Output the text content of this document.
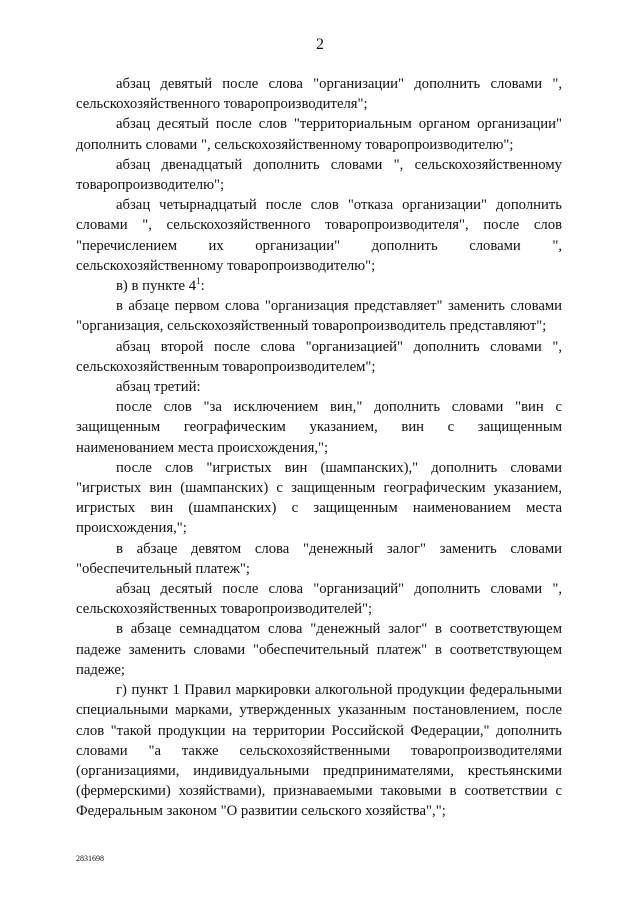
2

абзац девятый после слова "организации" дополнить словами ", сельскохозяйственного товаропроизводителя";

абзац десятый после слов "территориальным органом организации" дополнить словами ", сельскохозяйственному товаропроизводителю";

абзац двенадцатый дополнить словами ", сельскохозяйственному товаропроизводителю";

абзац четырнадцатый после слов "отказа организации" дополнить словами ", сельскохозяйственного товаропроизводителя", после слов "перечислением их организации" дополнить словами ", сельскохозяйственному товаропроизводителю";

в) в пункте $4^1$:

в абзаце первом слова "организация представляет" заменить словами "организация, сельскохозяйственный товаропроизводитель представляют";

абзац второй после слова "организацией" дополнить словами ", сельскохозяйственным товаропроизводителем";

абзац третий:

после слов "за исключением вин," дополнить словами "вин с защищенным географическим указанием, вин с защищенным наименованием места происхождения,";

после слов "игристых вин (шампанских)," дополнить словами "игристых вин (шампанских) с защищенным географическим указанием, игристых вин (шампанских) с защищенным наименованием места происхождения,";

в абзаце девятом слова "денежный залог" заменить словами "обеспечительный платеж";

абзац десятый после слова "организаций" дополнить словами ", сельскохозяйственных товаропроизводителей";

в абзаце семнадцатом слова "денежный залог" в соответствующем падеже заменить словами "обеспечительный платеж" в соответствующем падеже;

г) пункт 1 Правил маркировки алкогольной продукции федеральными специальными марками, утвержденных указанным постановлением, после слов "такой продукции на территории Российской Федерации," дополнить словами "а также сельскохозяйственными товаропроизводителями (организациями, индивидуальными предпринимателями, крестьянскими (фермерскими) хозяйствами), признаваемыми таковыми в соответствии с Федеральным законом "О развитии сельского хозяйства",";

2831698
